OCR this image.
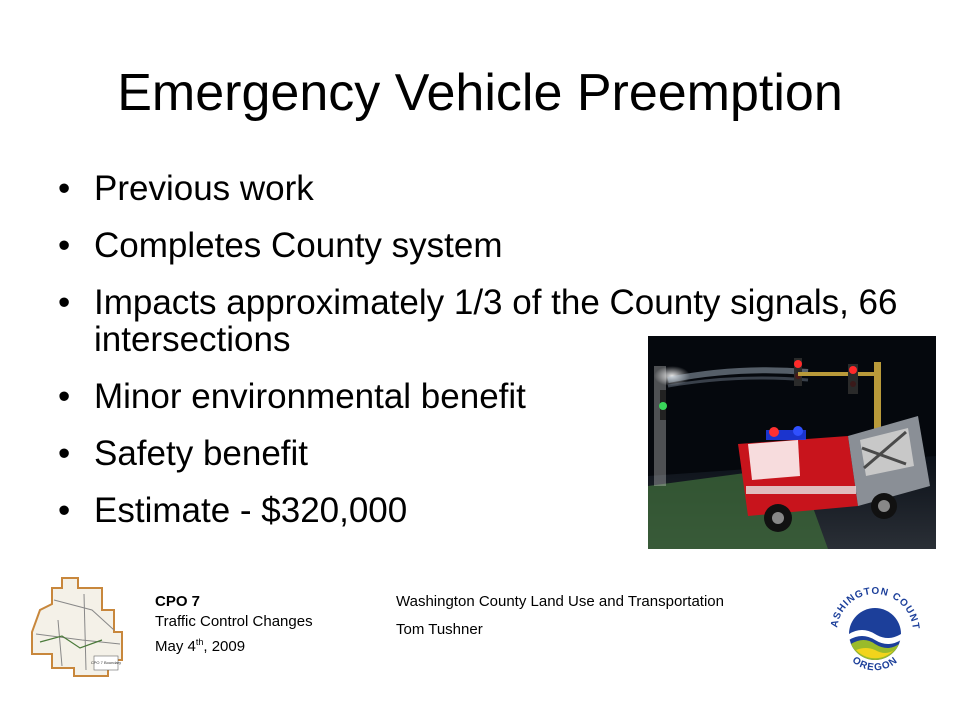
Emergency Vehicle Preemption
• Previous work
• Completes County system
• Impacts approximately 1/3 of the County signals, 66 intersections
• Minor environmental benefit
• Safety benefit
• Estimate - $320,000
CPO 7 Boundary
CPO 7
Traffic Control Changes
May 4th, 2009
Washington County Land Use and Transportation
Tom Tushner	ASHINGTON COUNT
OREGON
